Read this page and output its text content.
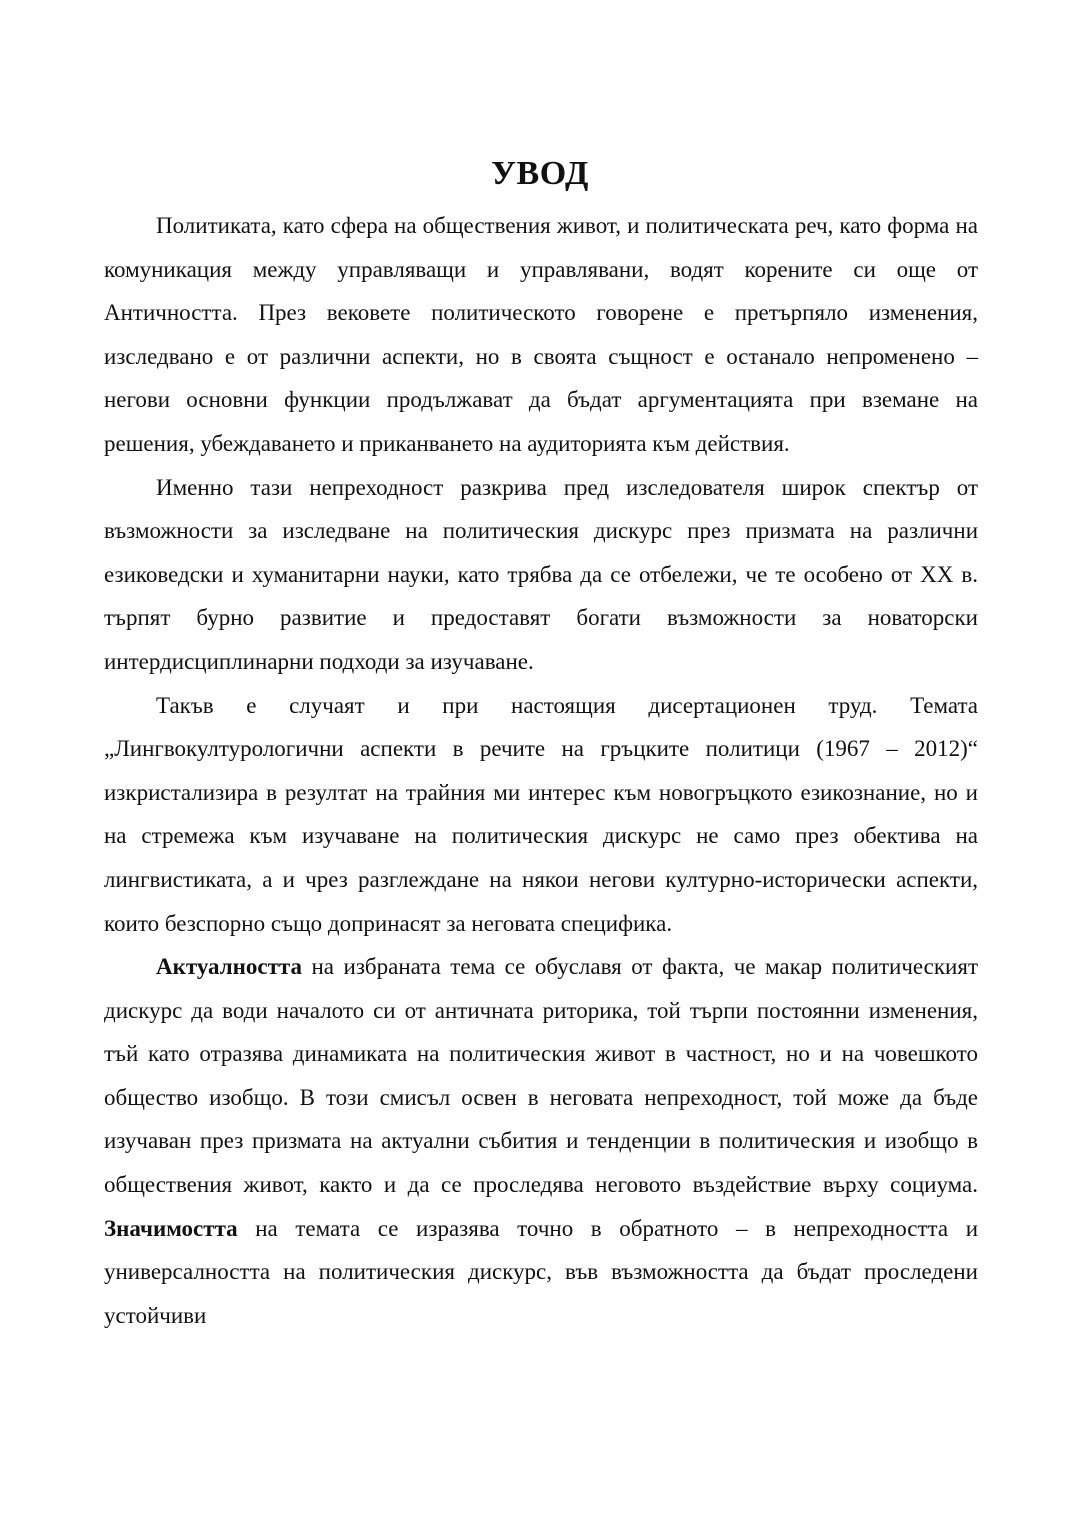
УВОД

Политиката, като сфера на обществения живот, и политическата реч, като форма на комуникация между управляващи и управлявани, водят корените си още от Античността. През вековете политическото говорене е претърпяло изменения, изследвано е от различни аспекти, но в своята същност е останало непроменено – негови основни функции продължават да бъдат аргументацията при вземане на решения, убеждаването и приканването на аудиторията към действия.

Именно тази непреходност разкрива пред изследователя широк спектър от възможности за изследване на политическия дискурс през призмата на различни езиковедски и хуманитарни науки, като трябва да се отбележи, че те особено от XX в. търпят бурно развитие и предоставят богати възможности за новаторски интердисциплинарни подходи за изучаване.

Такъв е случаят и при настоящия дисертационен труд. Темата „Лингвокултурологични аспекти в речите на гръцките политици (1967 – 2012)“ изкристализира в резултат на трайния ми интерес към новогръцкото езикознание, но и на стремежа към изучаване на политическия дискурс не само през обектива на лингвистиката, а и чрез разглеждане на някои негови културно-исторически аспекти, които безспорно също допринасят за неговата специфика.

Актуалността на избраната тема се обуславя от факта, че макар политическият дискурс да води началото си от античната риторика, той търпи постоянни изменения, тъй като отразява динамиката на политическия живот в частност, но и на човешкото общество изобщо. В този смисъл освен в неговата непреходност, той може да бъде изучаван през призмата на актуални събития и тенденции в политическия и изобщо в обществения живот, както и да се проследява неговото въздействие върху социума. Значимостта на темата се изразява точно в обратното – в непреходността и универсалността на политическия дискурс, във възможността да бъдат проследени устойчиви
